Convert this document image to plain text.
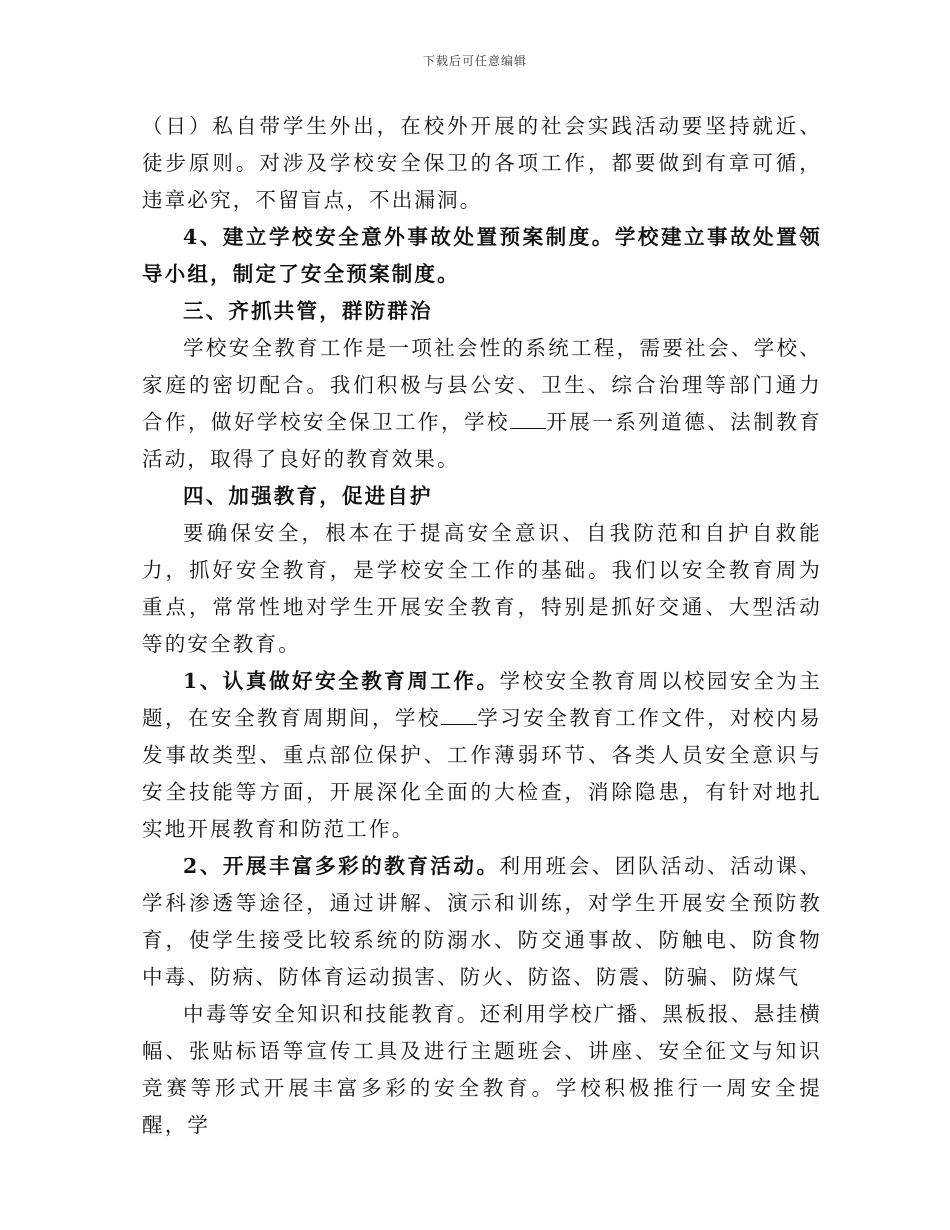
下载后可任意编辑

（日）私自带学生外出，在校外开展的社会实践活动要坚持就近、徒步原则。对涉及学校安全保卫的各项工作，都要做到有章可循，违章必究，不留盲点，不出漏洞。

4、建立学校安全意外事故处置预案制度。学校建立事故处置领导小组，制定了安全预案制度。

三、齐抓共管，群防群治

学校安全教育工作是一项社会性的系统工程，需要社会、学校、家庭的密切配合。我们积极与县公安、卫生、综合治理等部门通力合作，做好学校安全保卫工作，学校 开展一系列道德、法制教育活动，取得了良好的教育效果。

四、加强教育，促进自护

要确保安全，根本在于提高安全意识、自我防范和自护自救能力，抓好安全教育，是学校安全工作的基础。我们以安全教育周为重点，常常性地对学生开展安全教育，特别是抓好交通、大型活动等的安全教育。

1、认真做好安全教育周工作。学校安全教育周以校园安全为主题，在安全教育周期间，学校 学习安全教育工作文件，对校内易发事故类型、重点部位保护、工作薄弱环节、各类人员安全意识与安全技能等方面，开展深化全面的大检查，消除隐患，有针对地扎实地开展教育和防范工作。

2、开展丰富多彩的教育活动。利用班会、团队活动、活动课、学科渗透等途径，通过讲解、演示和训练，对学生开展安全预防教育，使学生接受比较系统的防溺水、防交通事故、防触电、防食物中毒、防病、防体育运动损害、防火、防盗、防震、防骗、防煤气

中毒等安全知识和技能教育。还利用学校广播、黑板报、悬挂横幅、张贴标语等宣传工具及进行主题班会、讲座、安全征文与知识竞赛等形式开展丰富多彩的安全教育。学校积极推行一周安全提醒，学
